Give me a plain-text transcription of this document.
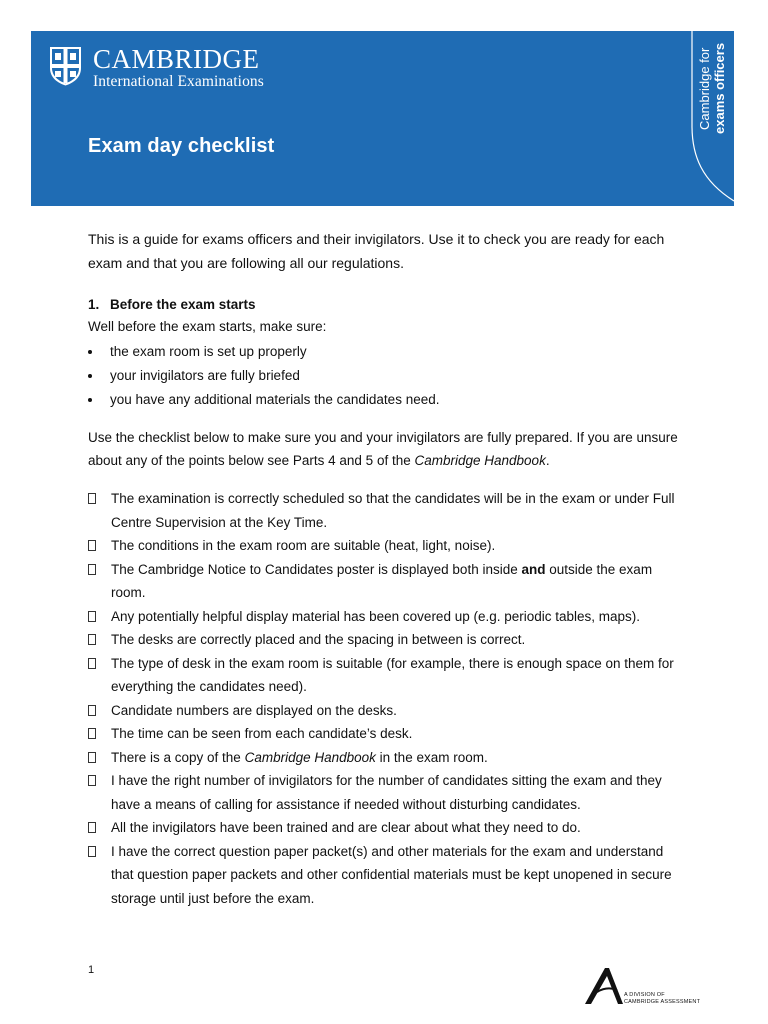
CAMBRIDGE
International Examinations
Exam day checklist
Cambridge for exams officers

This is a guide for exams officers and their invigilators. Use it to check you are ready for each exam and that you are following all our regulations.

1. Before the exam starts

Well before the exam starts, make sure:

the exam room is set up properly
your invigilators are fully briefed
you have any additional materials the candidates need.

Use the checklist below to make sure you and your invigilators are fully prepared. If you are unsure about any of the points below see Parts 4 and 5 of the Cambridge Handbook.

The examination is correctly scheduled so that the candidates will be in the exam or under Full Centre Supervision at the Key Time.
The conditions in the exam room are suitable (heat, light, noise).
The Cambridge Notice to Candidates poster is displayed both inside and outside the exam room.
Any potentially helpful display material has been covered up (e.g. periodic tables, maps).
The desks are correctly placed and the spacing in between is correct.
The type of desk in the exam room is suitable (for example, there is enough space on them for everything the candidates need).
Candidate numbers are displayed on the desks.
The time can be seen from each candidate’s desk.
There is a copy of the Cambridge Handbook in the exam room.
I have the right number of invigilators for the number of candidates sitting the exam and they have a means of calling for assistance if needed without disturbing candidates.
All the invigilators have been trained and are clear about what they need to do.
I have the correct question paper packet(s) and other materials for the exam and understand that question paper packets and other confidential materials must be kept unopened in secure storage until just before the exam.
1
A DIVISION OF
CAMBRIDGE ASSESSMENT
